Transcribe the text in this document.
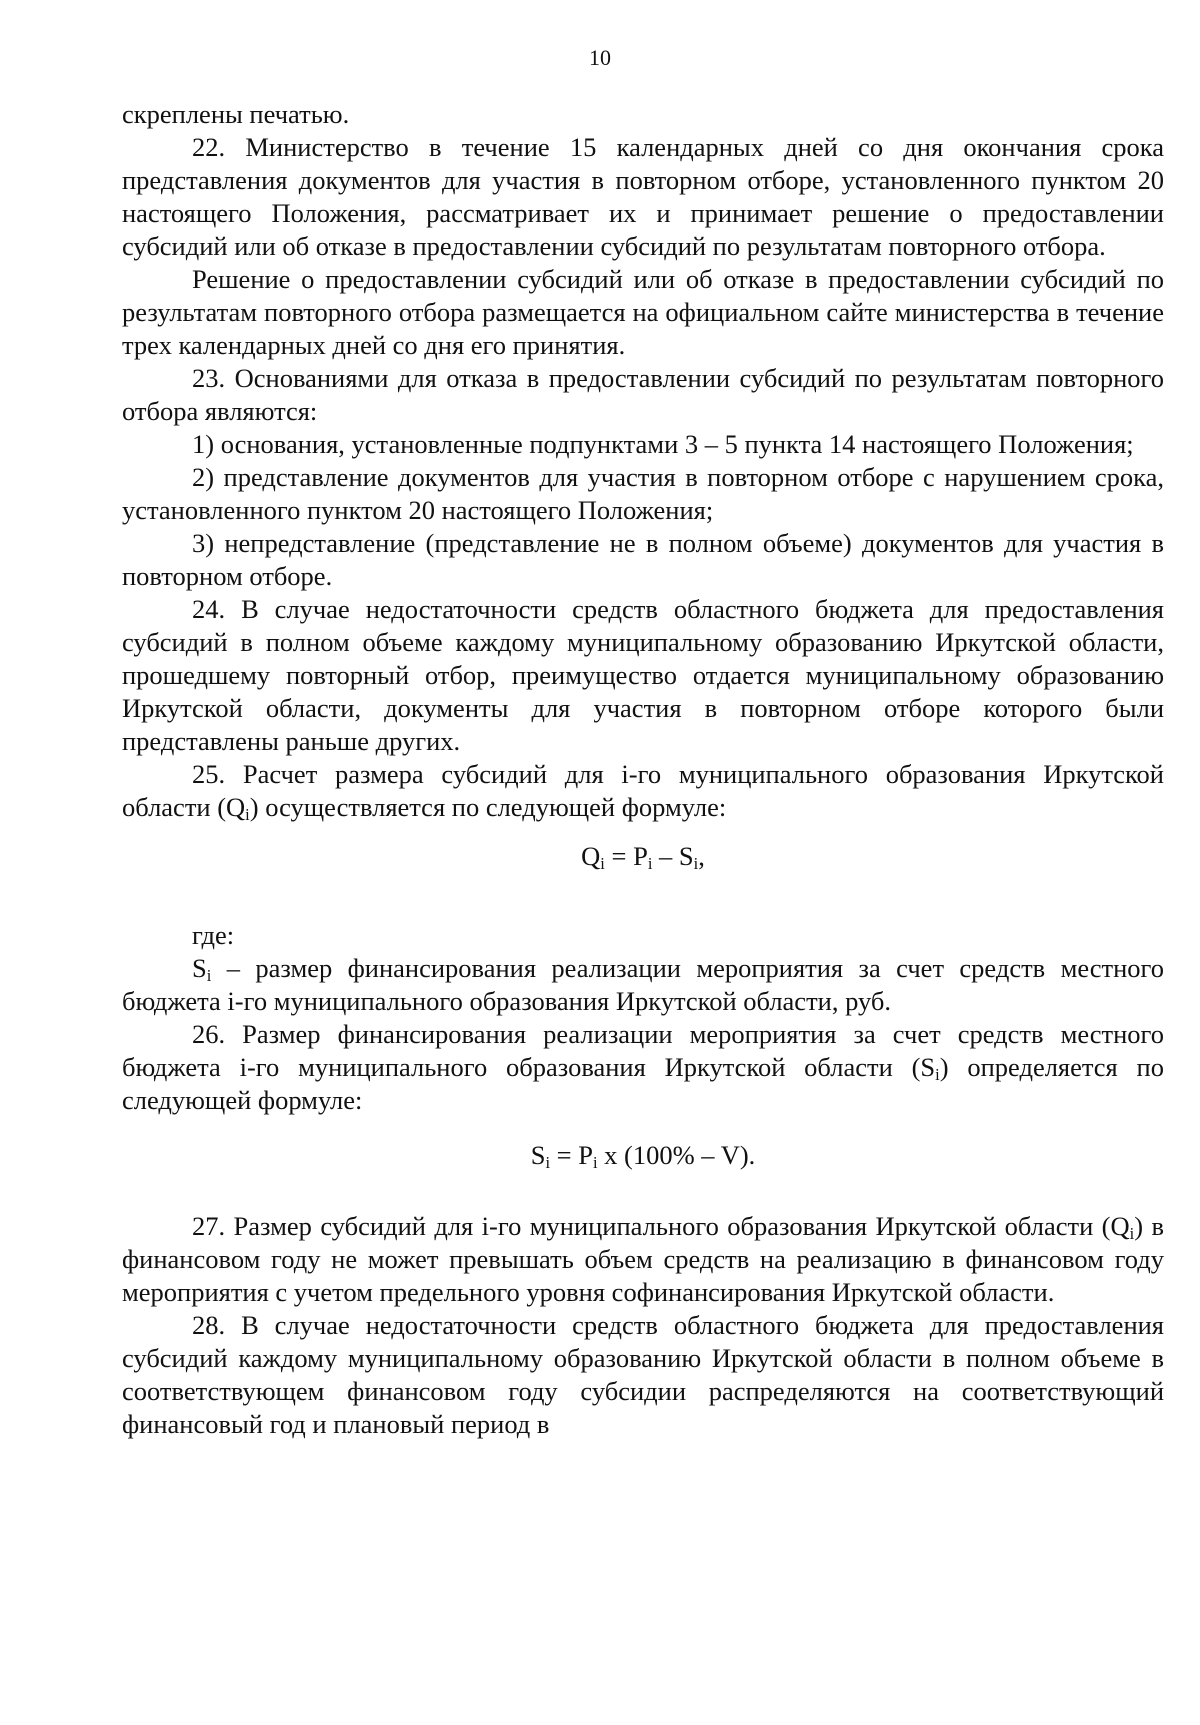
10

скреплены печатью.

22. Министерство в течение 15 календарных дней со дня окончания срока представления документов для участия в повторном отборе, установленного пунктом 20 настоящего Положения, рассматривает их и принимает решение о предоставлении субсидий или об отказе в предоставлении субсидий по результатам повторного отбора.

Решение о предоставлении субсидий или об отказе в предоставлении субсидий по результатам повторного отбора размещается на официальном сайте министерства в течение трех календарных дней со дня его принятия.

23. Основаниями для отказа в предоставлении субсидий по результатам повторного отбора являются:

1) основания, установленные подпунктами 3 – 5 пункта 14 настоящего Положения;

2) представление документов для участия в повторном отборе с нарушением срока, установленного пунктом 20 настоящего Положения;

3) непредставление (представление не в полном объеме) документов для участия в повторном отборе.

24. В случае недостаточности средств областного бюджета для предоставления субсидий в полном объеме каждому муниципальному образованию Иркутской области, прошедшему повторный отбор, преимущество отдается муниципальному образованию Иркутской области, документы для участия в повторном отборе которого были представлены раньше других.

25. Расчет размера субсидий для i-го муниципального образования Иркутской области $(Q_i)$ осуществляется по следующей формуле:

$Q_i = P_i - S_i$,

где:

$S_i$ – размер финансирования реализации мероприятия за счет средств местного бюджета i-го муниципального образования Иркутской области, руб.

26. Размер финансирования реализации мероприятия за счет средств местного бюджета i-го муниципального образования Иркутской области $(S_i)$ определяется по следующей формуле:

$S_i = P_i$ x (100% – V).

27. Размер субсидий для i-го муниципального образования Иркутской области $(Q_i)$ в финансовом году не может превышать объем средств на реализацию в финансовом году мероприятия с учетом предельного уровня софинансирования Иркутской области.

28. В случае недостаточности средств областного бюджета для предоставления субсидий каждому муниципальному образованию Иркутской области в полном объеме в соответствующем финансовом году субсидии распределяются на соответствующий финансовый год и плановый период в
